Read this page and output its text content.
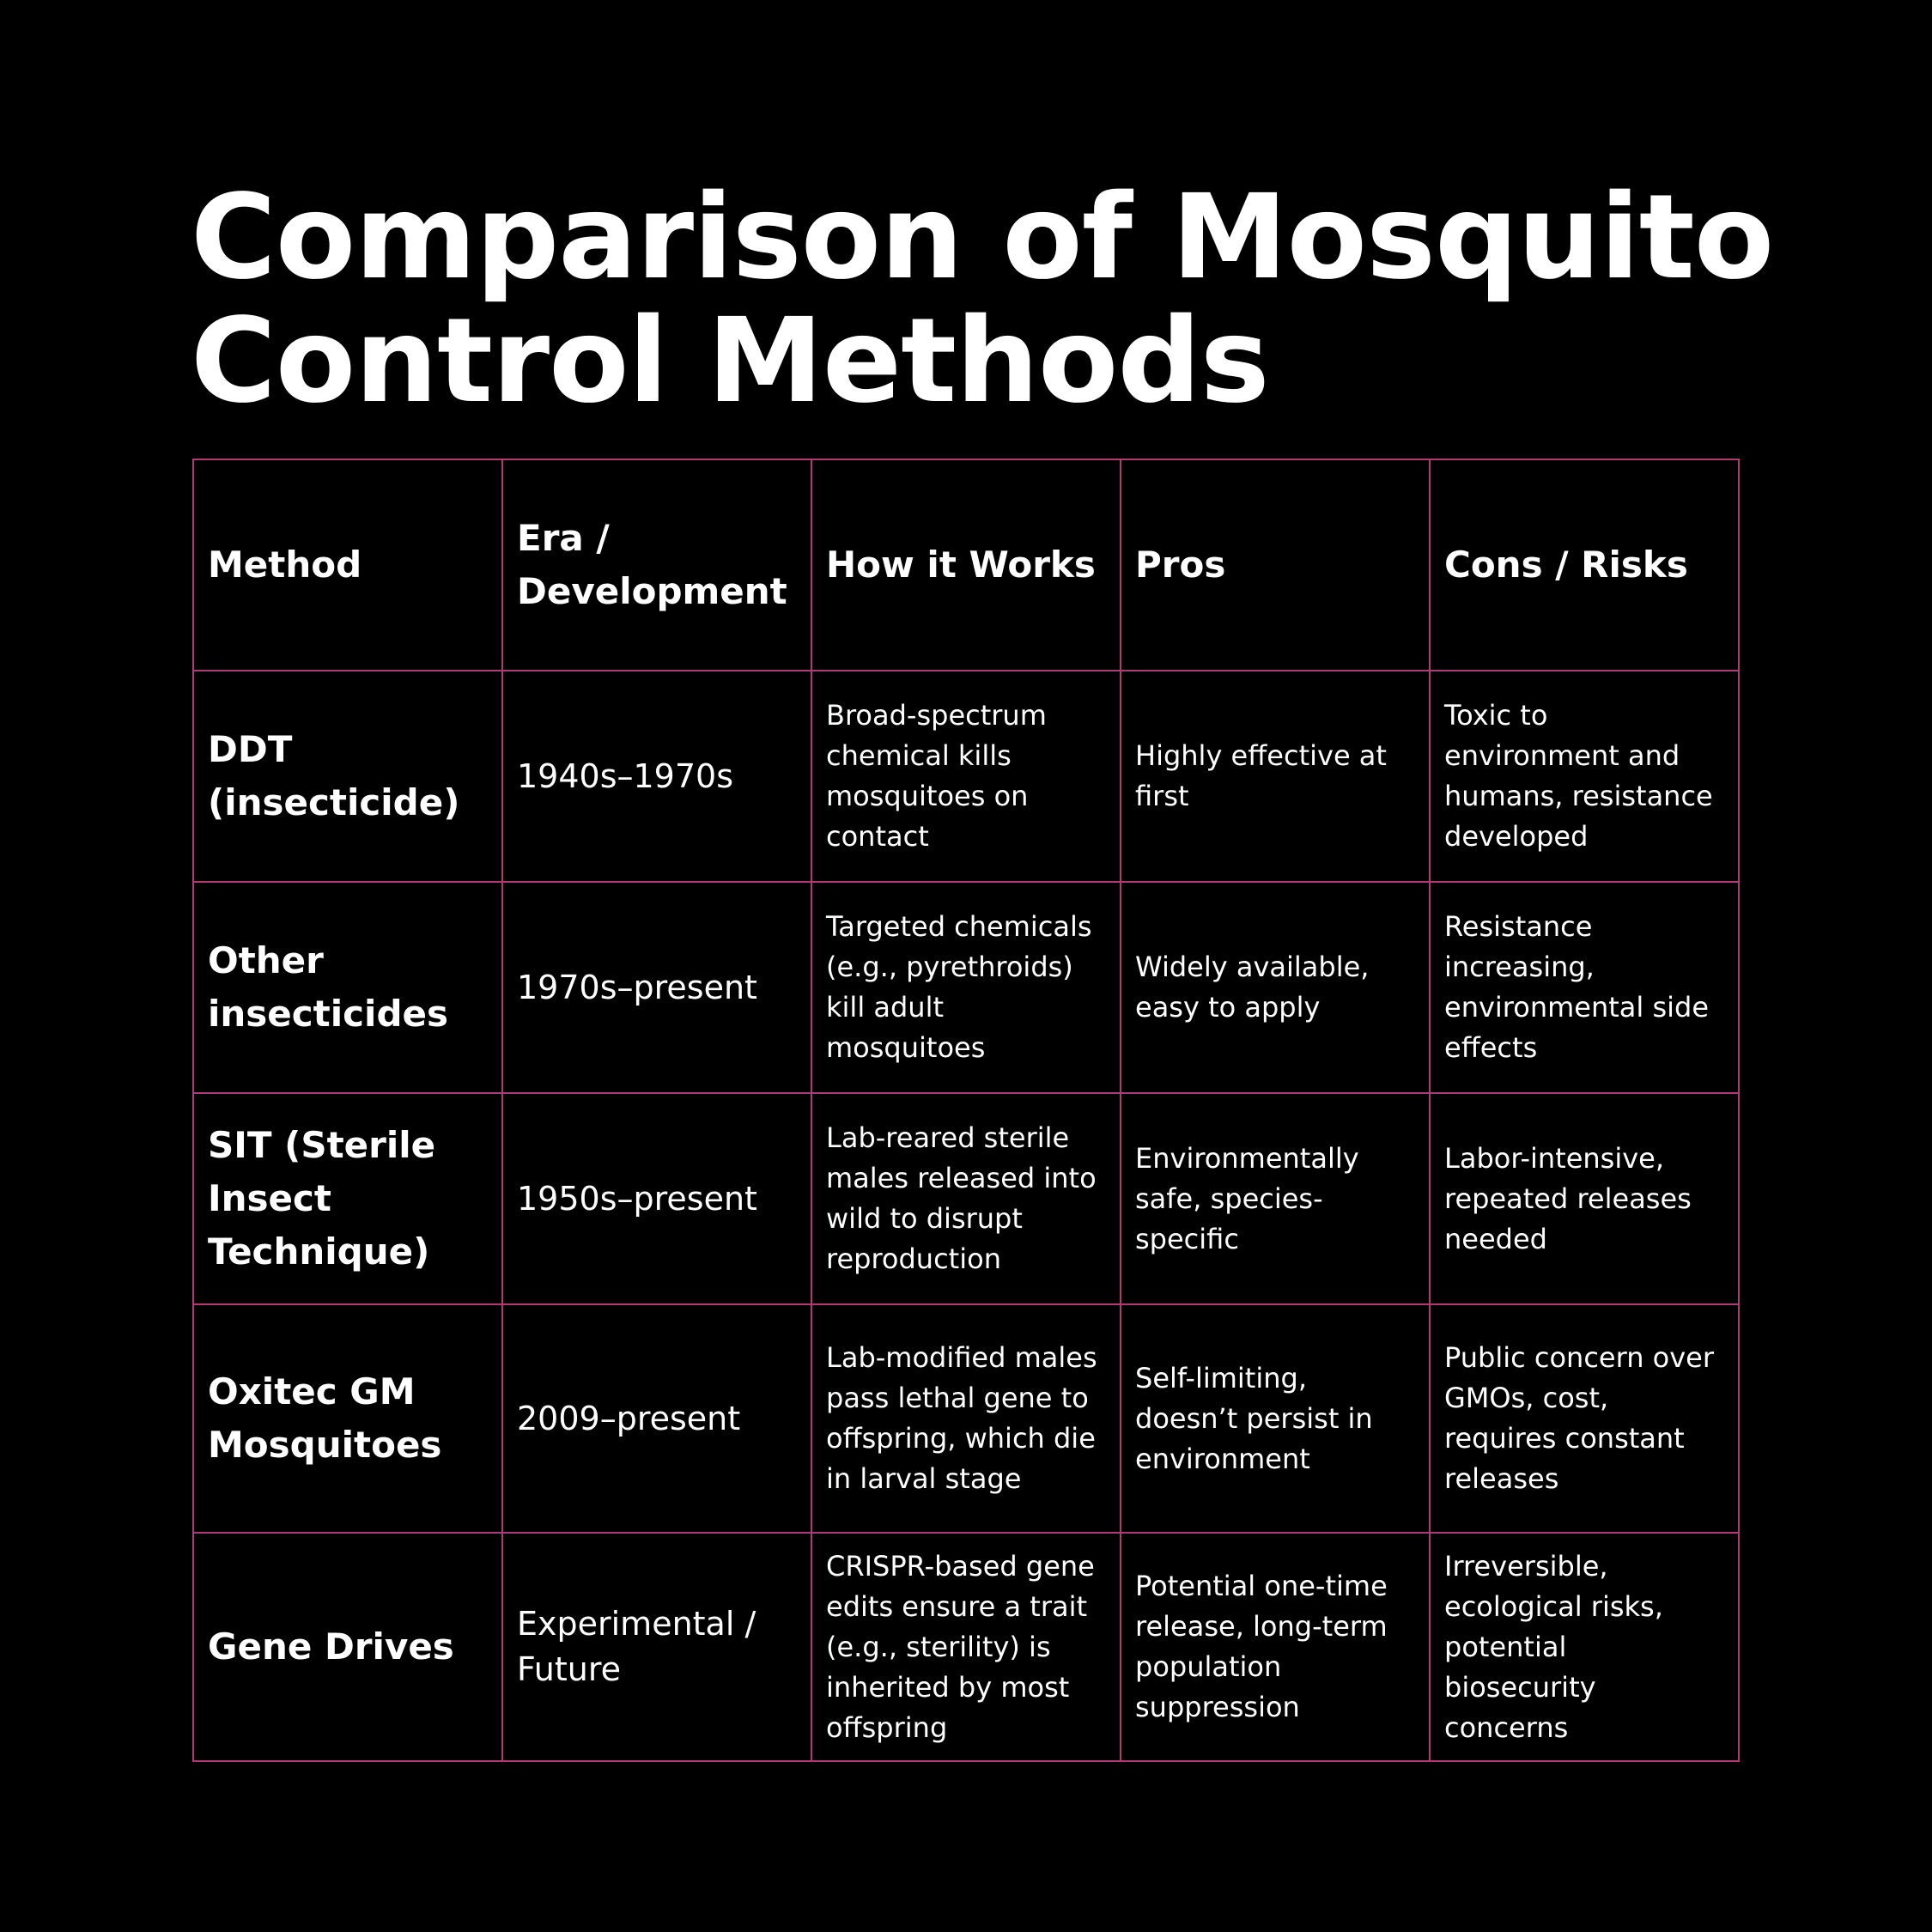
Comparison of Mosquito Control Methods
Method	Era / Development	How it Works	Pros	Cons / Risks
DDT (insecticide)	1940s–1970s	Broad-spectrum chemical kills mosquitoes on contact	Highly effective at first	Toxic to environment and humans, resistance developed
Other insecticides	1970s–present	Targeted chemicals (e.g., pyrethroids) kill adult mosquitoes	Widely available, easy to apply	Resistance increasing, environmental side effects
SIT (Sterile Insect Technique)	1950s–present	Lab-reared sterile males released into wild to disrupt reproduction	Environmentally safe, species-specific	Labor-intensive, repeated releases needed
Oxitec GM Mosquitoes	2009–present	Lab-modified males pass lethal gene to offspring, which die in larval stage	Self-limiting, doesn’t persist in environment	Public concern over GMOs, cost, requires constant releases
Gene Drives	Experimental / Future	CRISPR-based gene edits ensure a trait (e.g., sterility) is inherited by most offspring	Potential one-time release, long-term population suppression	Irreversible, ecological risks, potential biosecurity concerns
